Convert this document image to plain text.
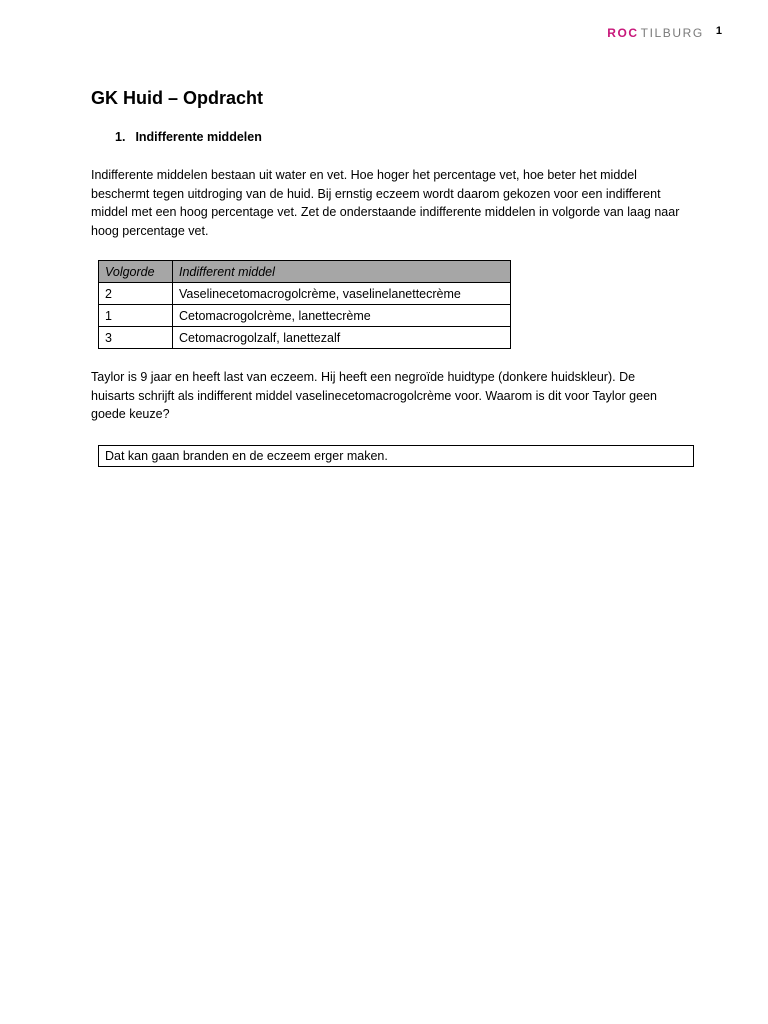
ROC TILBURG 1
GK Huid – Opdracht
1. Indifferente middelen

Indifferente middelen bestaan uit water en vet. Hoe hoger het percentage vet, hoe beter het middel beschermt tegen uitdroging van de huid. Bij ernstig eczeem wordt daarom gekozen voor een indifferent middel met een hoog percentage vet. Zet de onderstaande indifferente middelen in volgorde van laag naar hoog percentage vet.

Volgorde	Indifferent middel
2	Vaselinecetomacrogolcrème, vaselinelanettecrème
1	Cetomacrogolcrème, lanettecrème
3	Cetomacrogolzalf, lanettezalf

Taylor is 9 jaar en heeft last van eczeem. Hij heeft een negroïde huidtype (donkere huidskleur). De huisarts schrijft als indifferent middel vaselinecetomacrogolcrème voor. Waarom is dit voor Taylor geen goede keuze?

Dat kan gaan branden en de eczeem erger maken.
